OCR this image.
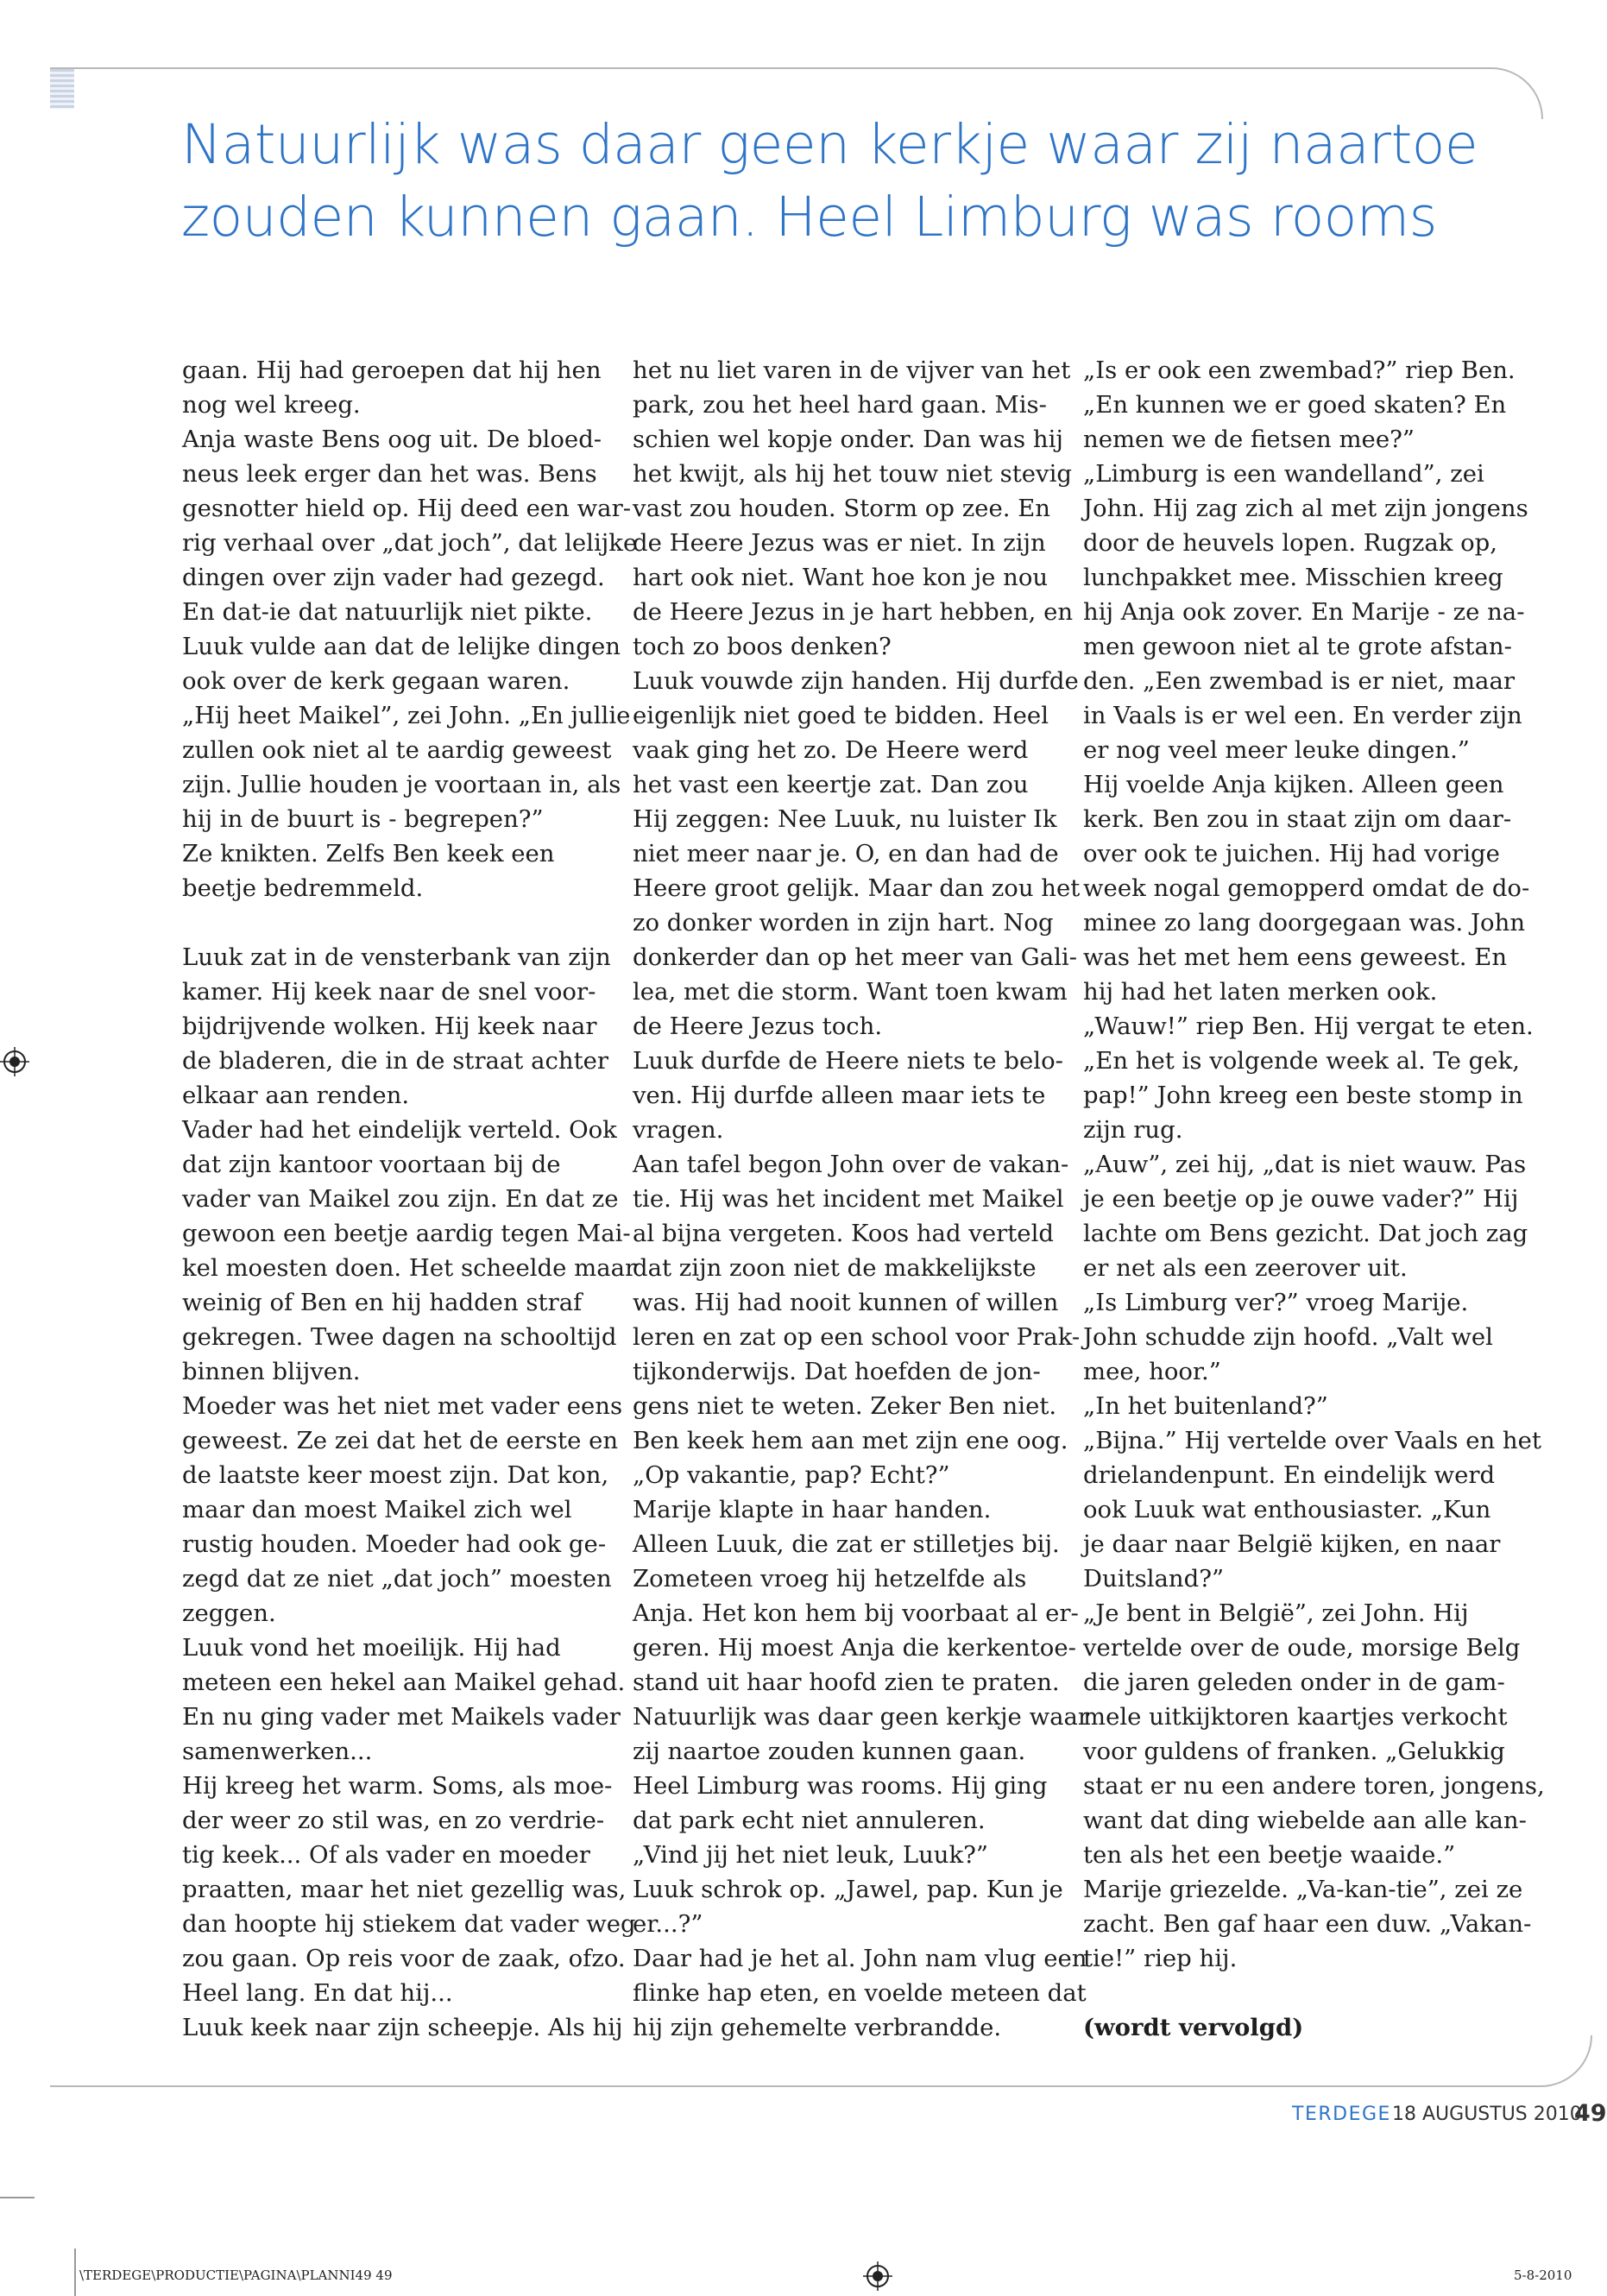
Natuurlijk was daar geen kerkje waar zij naartoe
zouden kunnen gaan. Heel Limburg was rooms
gaan. Hij had geroepen dat hij hen
nog wel kreeg.
Anja waste Bens oog uit. De bloed-
neus leek erger dan het was. Bens
gesnotter hield op. Hij deed een war-
rig verhaal over „dat joch”, dat lelijke
dingen over zijn vader had gezegd.
En dat-ie dat natuurlijk niet pikte.
Luuk vulde aan dat de lelijke dingen
ook over de kerk gegaan waren.
„Hij heet Maikel”, zei John. „En jullie
zullen ook niet al te aardig geweest
zijn. Jullie houden je voortaan in, als
hij in de buurt is - begrepen?”
Ze knikten. Zelfs Ben keek een
beetje bedremmeld.
Luuk zat in de vensterbank van zijn
kamer. Hij keek naar de snel voor-
bijdrijvende wolken. Hij keek naar
de bladeren, die in de straat achter
elkaar aan renden.
Vader had het eindelijk verteld. Ook
dat zijn kantoor voortaan bij de
vader van Maikel zou zijn. En dat ze
gewoon een beetje aardig tegen Mai-
kel moesten doen. Het scheelde maar
weinig of Ben en hij hadden straf
gekregen. Twee dagen na schooltijd
binnen blijven.
Moeder was het niet met vader eens
geweest. Ze zei dat het de eerste en
de laatste keer moest zijn. Dat kon,
maar dan moest Maikel zich wel
rustig houden. Moeder had ook ge-
zegd dat ze niet „dat joch” moesten
zeggen.
Luuk vond het moeilijk. Hij had
meteen een hekel aan Maikel gehad.
En nu ging vader met Maikels vader
samenwerken...
Hij kreeg het warm. Soms, als moe-
der weer zo stil was, en zo verdrie-
tig keek... Of als vader en moeder
praatten, maar het niet gezellig was,
dan hoopte hij stiekem dat vader weg
zou gaan. Op reis voor de zaak, ofzo.
Heel lang. En dat hij...
Luuk keek naar zijn scheepje. Als hij
het nu liet varen in de vijver van het
park, zou het heel hard gaan. Mis-
schien wel kopje onder. Dan was hij
het kwijt, als hij het touw niet stevig
vast zou houden. Storm op zee. En
de Heere Jezus was er niet. In zijn
hart ook niet. Want hoe kon je nou
de Heere Jezus in je hart hebben, en
toch zo boos denken?
Luuk vouwde zijn handen. Hij durfde
eigenlijk niet goed te bidden. Heel
vaak ging het zo. De Heere werd
het vast een keertje zat. Dan zou
Hij zeggen: Nee Luuk, nu luister Ik
niet meer naar je. O, en dan had de
Heere groot gelijk. Maar dan zou het
zo donker worden in zijn hart. Nog
donkerder dan op het meer van Gali-
lea, met die storm. Want toen kwam
de Heere Jezus toch.
Luuk durfde de Heere niets te belo-
ven. Hij durfde alleen maar iets te
vragen.
Aan tafel begon John over de vakan-
tie. Hij was het incident met Maikel
al bijna vergeten. Koos had verteld
dat zijn zoon niet de makkelijkste
was. Hij had nooit kunnen of willen
leren en zat op een school voor Prak-
tijkonderwijs. Dat hoefden de jon-
gens niet te weten. Zeker Ben niet.
Ben keek hem aan met zijn ene oog.
„Op vakantie, pap? Echt?”
Marije klapte in haar handen.
Alleen Luuk, die zat er stilletjes bij.
Zometeen vroeg hij hetzelfde als
Anja. Het kon hem bij voorbaat al er-
geren. Hij moest Anja die kerkentoe-
stand uit haar hoofd zien te praten.
Natuurlijk was daar geen kerkje waar
zij naartoe zouden kunnen gaan.
Heel Limburg was rooms. Hij ging
dat park echt niet annuleren.
„Vind jij het niet leuk, Luuk?”
Luuk schrok op. „Jawel, pap. Kun je
er...?”
Daar had je het al. John nam vlug een
flinke hap eten, en voelde meteen dat
hij zijn gehemelte verbrandde.
„Is er ook een zwembad?” riep Ben.
„En kunnen we er goed skaten? En
nemen we de fietsen mee?”
„Limburg is een wandelland”, zei
John. Hij zag zich al met zijn jongens
door de heuvels lopen. Rugzak op,
lunchpakket mee. Misschien kreeg
hij Anja ook zover. En Marije - ze na-
men gewoon niet al te grote afstan-
den. „Een zwembad is er niet, maar
in Vaals is er wel een. En verder zijn
er nog veel meer leuke dingen.”
Hij voelde Anja kijken. Alleen geen
kerk. Ben zou in staat zijn om daar-
over ook te juichen. Hij had vorige
week nogal gemopperd omdat de do-
minee zo lang doorgegaan was. John
was het met hem eens geweest. En
hij had het laten merken ook.
„Wauw!” riep Ben. Hij vergat te eten.
„En het is volgende week al. Te gek,
pap!” John kreeg een beste stomp in
zijn rug.
„Auw”, zei hij, „dat is niet wauw. Pas
je een beetje op je ouwe vader?” Hij
lachte om Bens gezicht. Dat joch zag
er net als een zeerover uit.
„Is Limburg ver?” vroeg Marije.
John schudde zijn hoofd. „Valt wel
mee, hoor.”
„In het buitenland?”
„Bijna.” Hij vertelde over Vaals en het
drielandenpunt. En eindelijk werd
ook Luuk wat enthousiaster. „Kun
je daar naar België kijken, en naar
Duitsland?”
„Je bent in België”, zei John. Hij
vertelde over de oude, morsige Belg
die jaren geleden onder in de gam-
mele uitkijktoren kaartjes verkocht
voor guldens of franken. „Gelukkig
staat er nu een andere toren, jongens,
want dat ding wiebelde aan alle kan-
ten als het een beetje waaide.”
Marije griezelde. „Va-kan-tie”, zei ze
zacht. Ben gaf haar een duw. „Vakan-
tie!” riep hij.
(wordt vervolgd)
TERDEGE 18 AUGUSTUS 2010
49
\TERDEGE\PRODUCTIE\PAGINA\PLANNI49 49	5-8-2010
